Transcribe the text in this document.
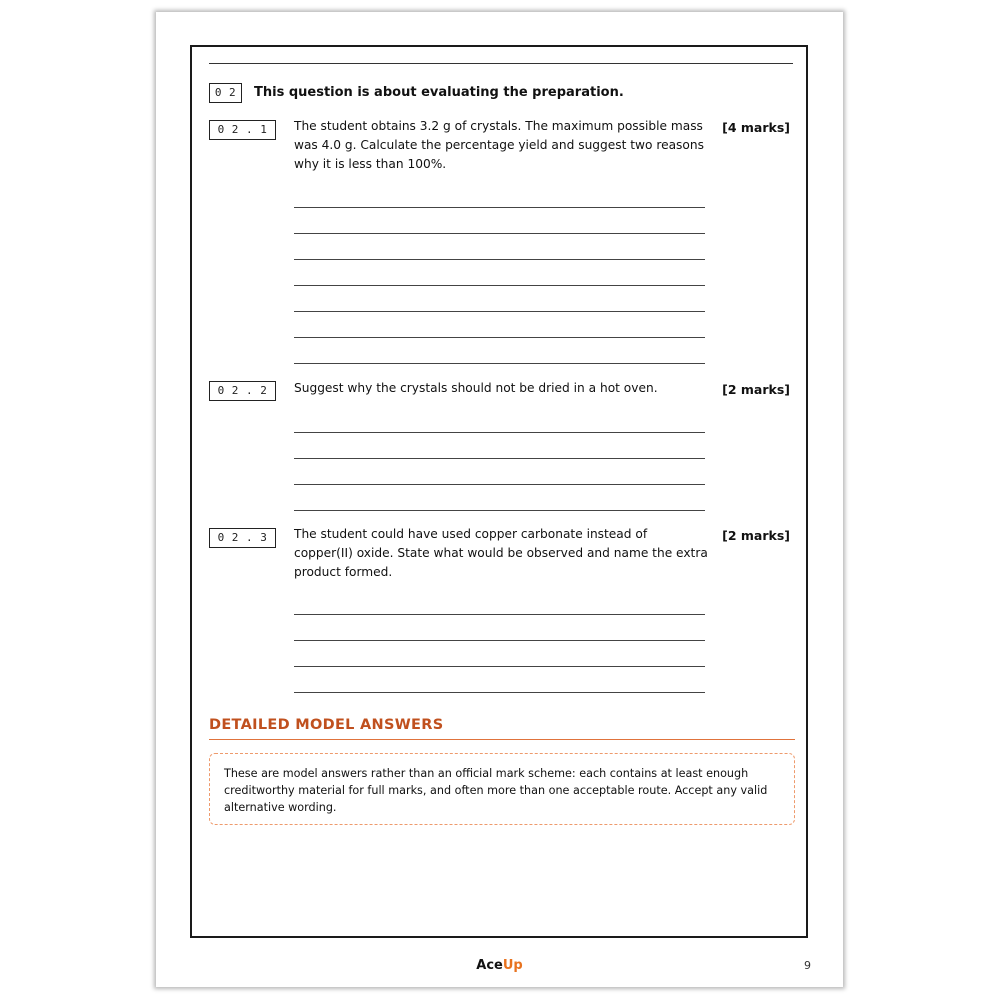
0 2	This question is about evaluating the preparation.
0 2 . 1	The student obtains 3.2 g of crystals. The maximum possible mass was 4.0 g. Calculate the percentage yield and suggest two reasons why it is less than 100%.
[4 marks]
0 2 . 2	Suggest why the crystals should not be dried in a hot oven.	[2 marks]
0 2 . 3	The student could have used copper carbonate instead of copper(II) oxide. State what would be observed and name the extra product formed.
[2 marks]
DETAILED MODEL ANSWERS
These are model answers rather than an official mark scheme: each contains at least enough creditworthy material for full marks, and often more than one acceptable route. Accept any valid alternative wording.
AceUp	9
